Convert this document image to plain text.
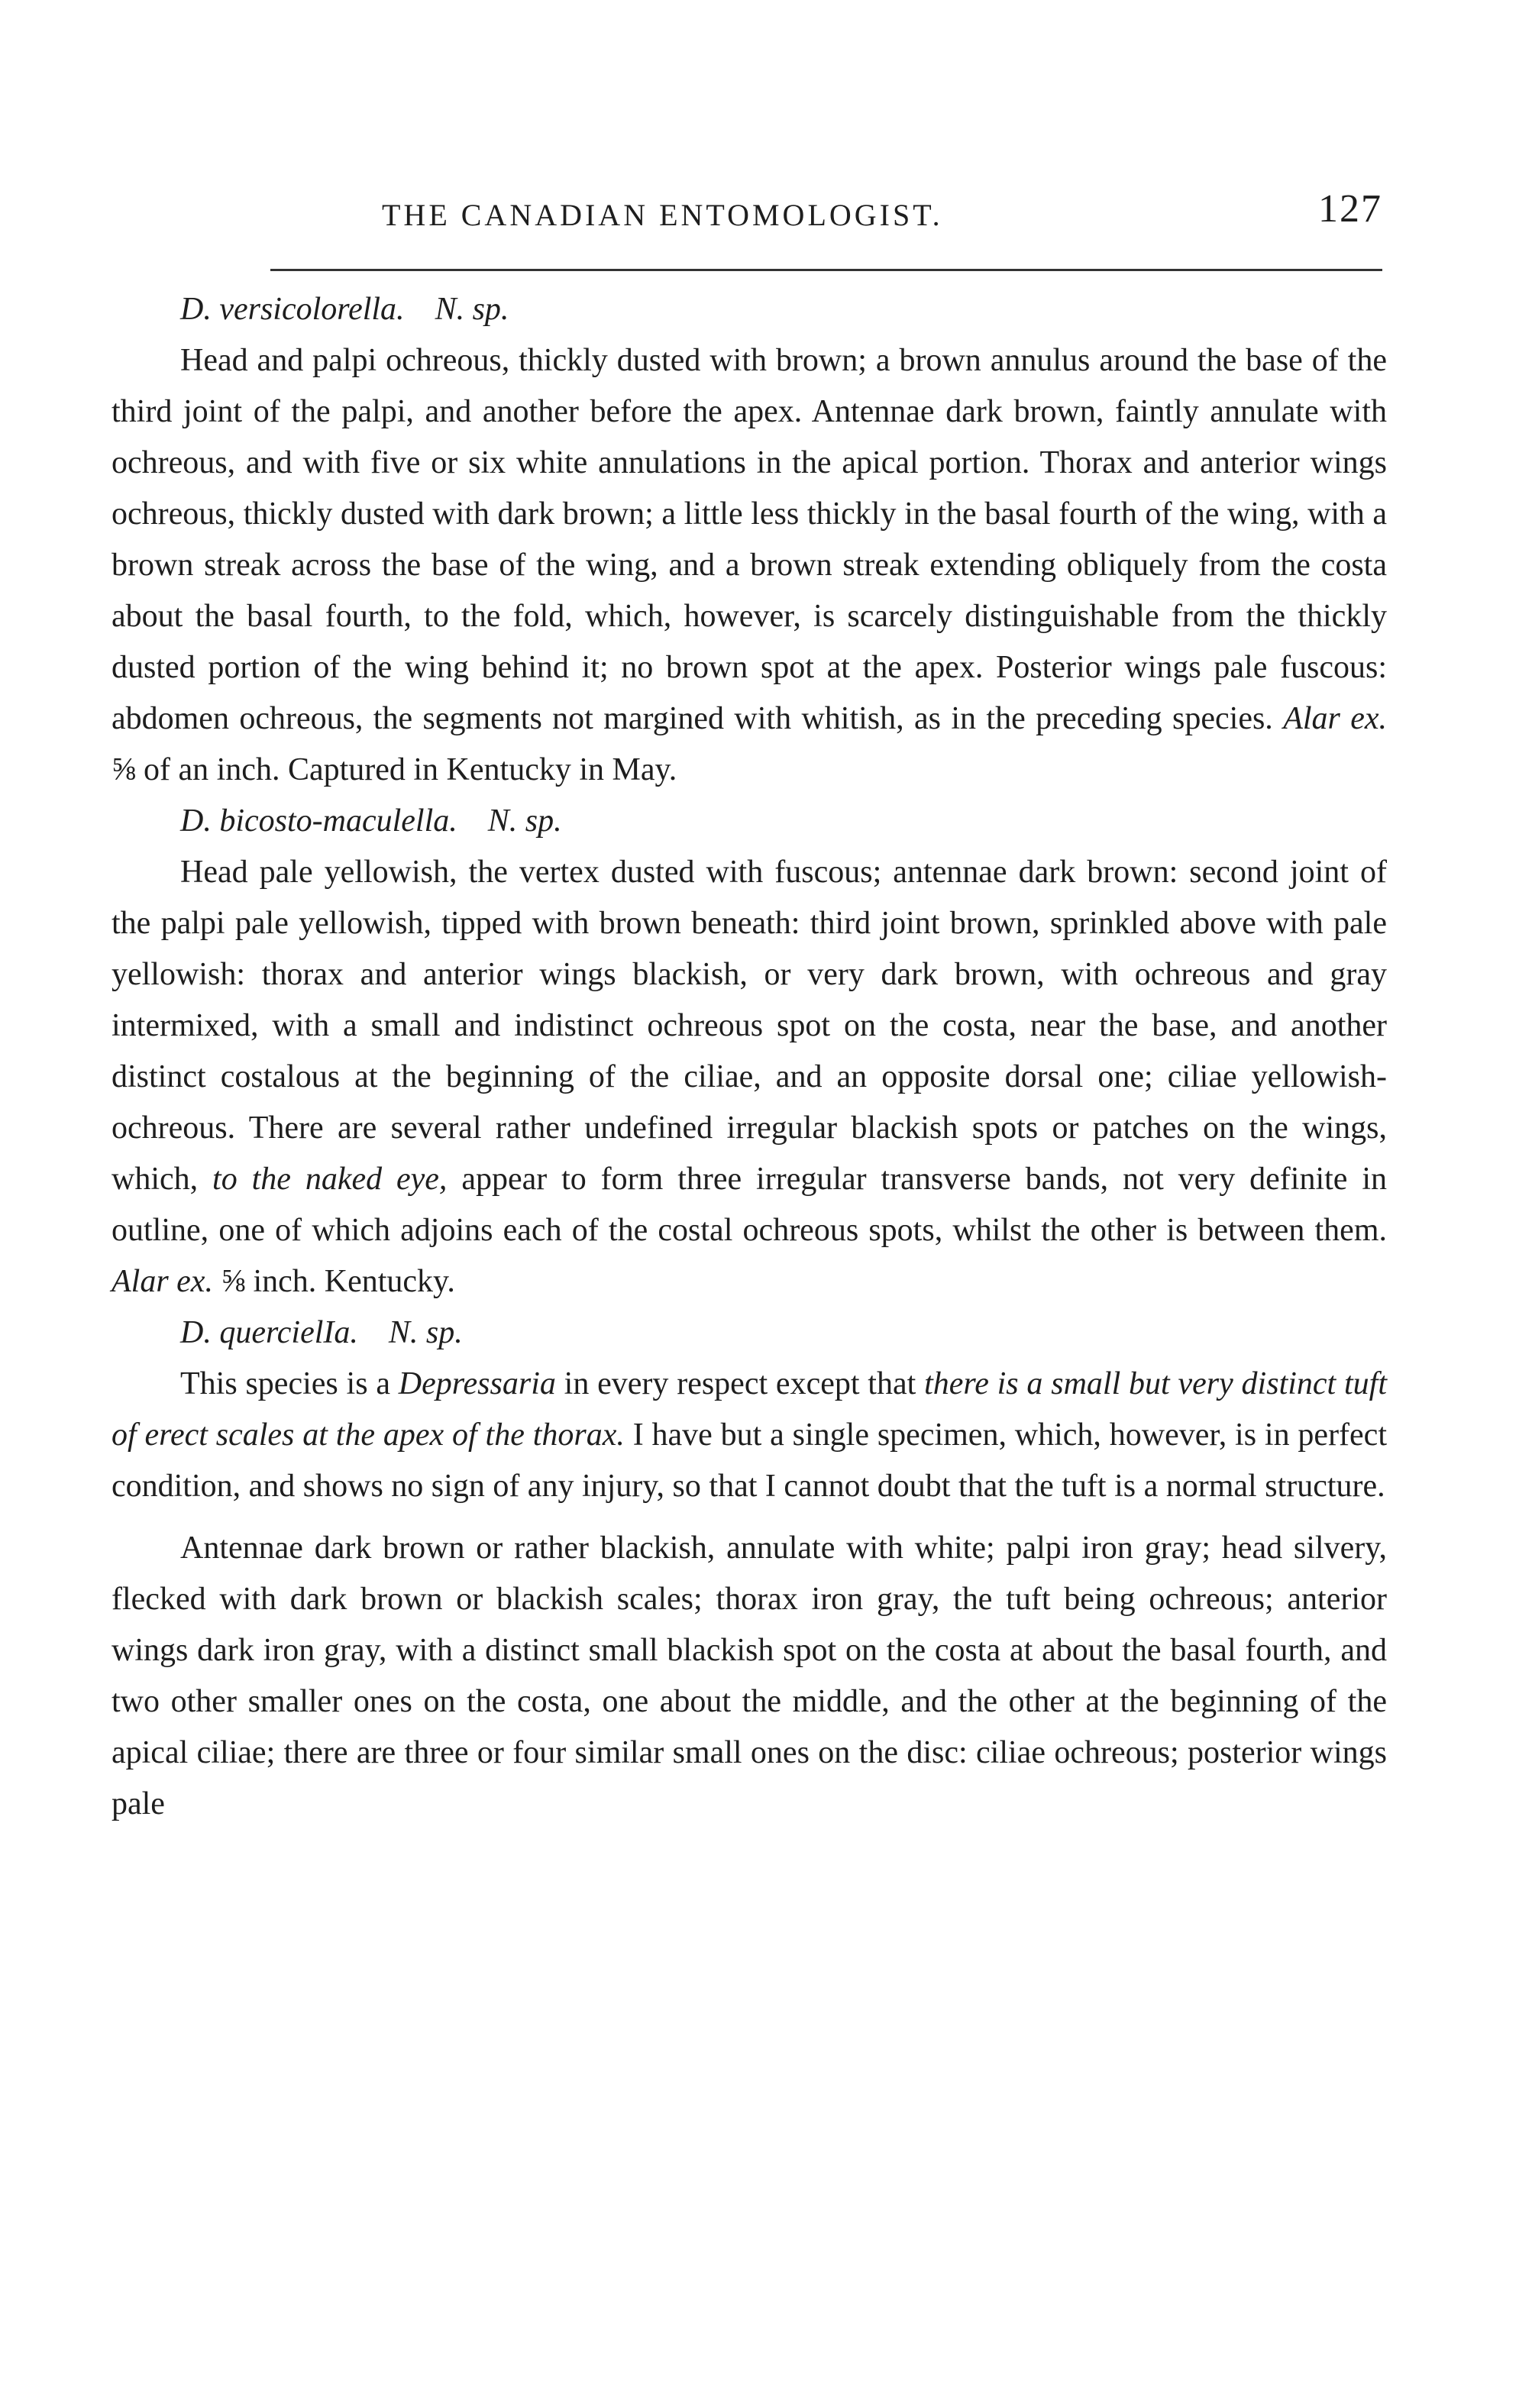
THE CANADIAN ENTOMOLOGIST.	127
D. versicolorella. N. sp.

Head and palpi ochreous, thickly dusted with brown; a brown annulus around the base of the third joint of the palpi, and another before the apex. Antennae dark brown, faintly annulate with ochreous, and with five or six white annulations in the apical portion. Thorax and anterior wings ochreous, thickly dusted with dark brown; a little less thickly in the basal fourth of the wing, with a brown streak across the base of the wing, and a brown streak extending obliquely from the costa about the basal fourth, to the fold, which, however, is scarcely distinguishable from the thickly dusted portion of the wing behind it; no brown spot at the apex. Posterior wings pale fuscous: abdomen ochreous, the segments not margined with whitish, as in the preceding species. Alar ex. ⅝ of an inch. Captured in Kentucky in May.

D. bicosto-maculella. N. sp.

Head pale yellowish, the vertex dusted with fuscous; antennae dark brown: second joint of the palpi pale yellowish, tipped with brown beneath: third joint brown, sprinkled above with pale yellowish: thorax and anterior wings blackish, or very dark brown, with ochreous and gray intermixed, with a small and indistinct ochreous spot on the costa, near the base, and another distinct costalous at the beginning of the ciliae, and an opposite dorsal one; ciliae yellowish-ochreous. There are several rather undefined irregular blackish spots or patches on the wings, which, to the naked eye, appear to form three irregular transverse bands, not very definite in outline, one of which adjoins each of the costal ochreous spots, whilst the other is between them. Alar ex. ⅝ inch. Kentucky.

D. quercielIa. N. sp.

This species is a Depressaria in every respect except that there is a small but very distinct tuft of erect scales at the apex of the thorax. I have but a single specimen, which, however, is in perfect condition, and shows no sign of any injury, so that I cannot doubt that the tuft is a normal structure.

Antennae dark brown or rather blackish, annulate with white; palpi iron gray; head silvery, flecked with dark brown or blackish scales; thorax iron gray, the tuft being ochreous; anterior wings dark iron gray, with a distinct small blackish spot on the costa at about the basal fourth, and two other smaller ones on the costa, one about the middle, and the other at the beginning of the apical ciliae; there are three or four similar small ones on the disc: ciliae ochreous; posterior wings pale
